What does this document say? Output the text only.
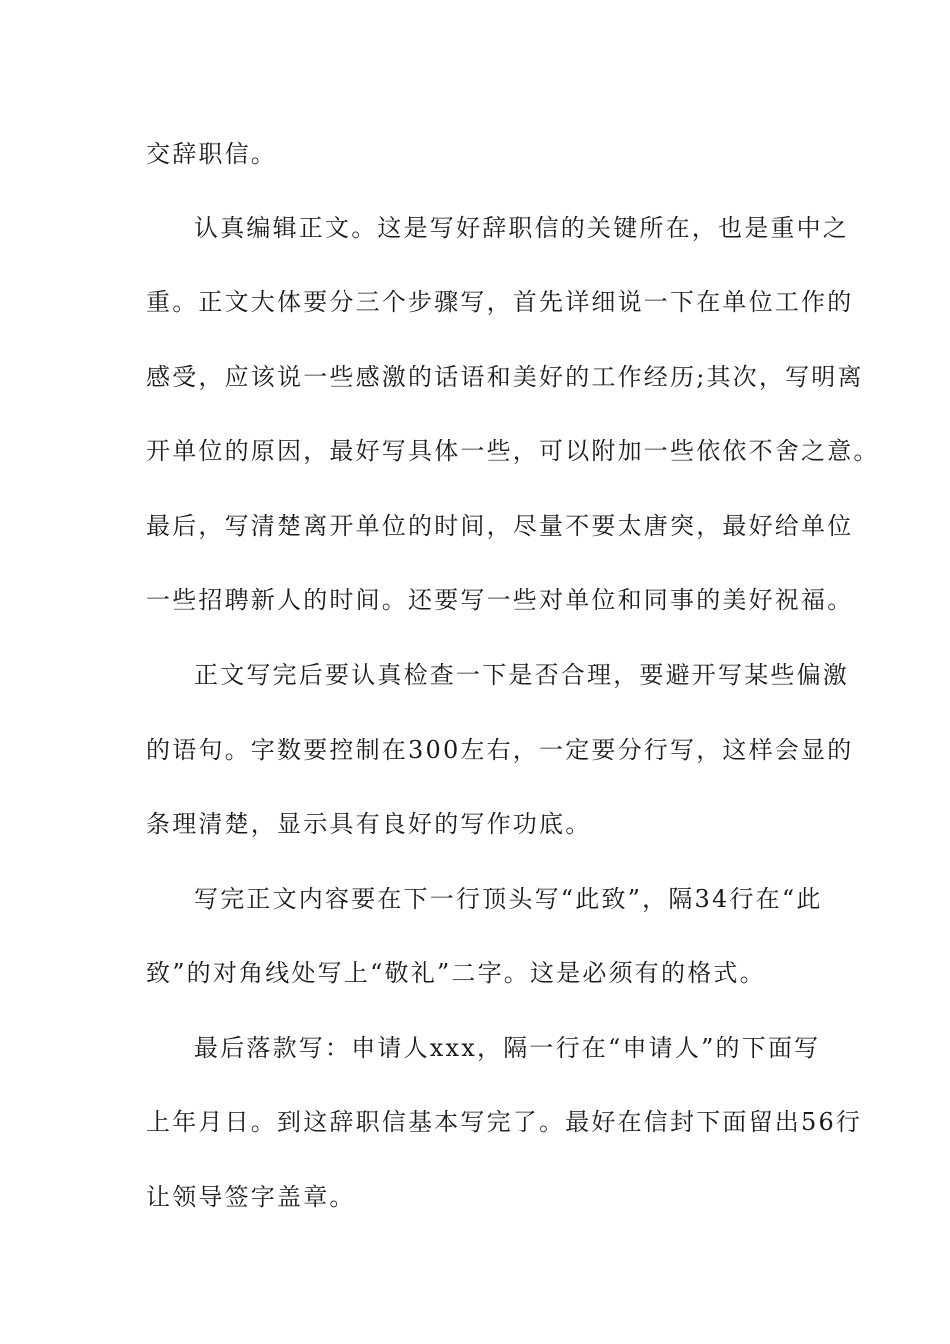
交辞职信。
认真编辑正文。这是写好辞职信的关键所在，也是重中之
重。正文大体要分三个步骤写，首先详细说一下在单位工作的
感受，应该说一些感激的话语和美好的工作经历;其次，写明离
开单位的原因，最好写具体一些，可以附加一些依依不舍之意。
最后，写清楚离开单位的时间，尽量不要太唐突，最好给单位
一些招聘新人的时间。还要写一些对单位和同事的美好祝福。
正文写完后要认真检查一下是否合理，要避开写某些偏激
的语句。字数要控制在300左右，一定要分行写，这样会显的
条理清楚，显示具有良好的写作功底。
写完正文内容要在下一行顶头写“此致”，隔34行在“此
致”的对角线处写上“敬礼”二字。这是必须有的格式。
最后落款写：申请人xxx，隔一行在“申请人”的下面写
上年月日。到这辞职信基本写完了。最好在信封下面留出56行
让领导签字盖章。
